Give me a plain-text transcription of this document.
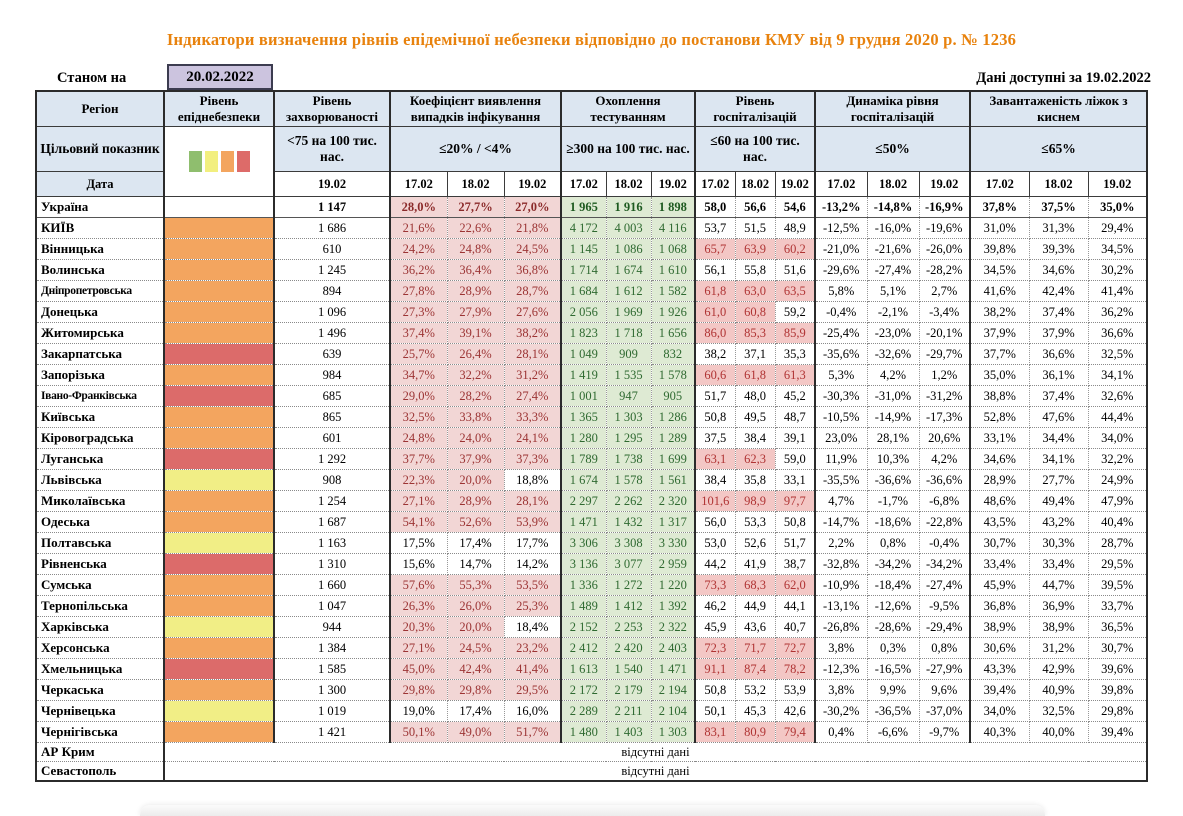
Індикатори визначення рівнів епідемічної небезпеки відповідно до постанови КМУ від 9 грудня 2020 р. № 1236
Станом на	20.02.2022	Дані доступні за 19.02.2022
Регіон	Рівень епіднебезпеки	Рівень захворюваності	Коефіцієнт виявлення випадків інфікування			Охоплення тестуванням			Рівень госпіталізацій			Динаміка рівня госпіталізацій			Завантаженість ліжок з киснем		
Цільовий показник		<75 на 100 тис. нас.	≤20% / <4%			≥300 на 100 тис. нас.			≤60 на 100 тис. нас.			≤50%			≤65%		
Дата		19.02	17.02	18.02	19.02	17.02	18.02	19.02	17.02	18.02	19.02	17.02	18.02	19.02	17.02	18.02	19.02
Україна		1 147	28,0%	27,7%	27,0%	1 965	1 916	1 898	58,0	56,6	54,6	-13,2%	-14,8%	-16,9%	37,8%	37,5%	35,0%
КИЇВ		1 686	21,6%	22,6%	21,8%	4 172	4 003	4 116	53,7	51,5	48,9	-12,5%	-16,0%	-19,6%	31,0%	31,3%	29,4%
Вінницька		610	24,2%	24,8%	24,5%	1 145	1 086	1 068	65,7	63,9	60,2	-21,0%	-21,6%	-26,0%	39,8%	39,3%	34,5%
Волинська		1 245	36,2%	36,4%	36,8%	1 714	1 674	1 610	56,1	55,8	51,6	-29,6%	-27,4%	-28,2%	34,5%	34,6%	30,2%
Дніпропетровська		894	27,8%	28,9%	28,7%	1 684	1 612	1 582	61,8	63,0	63,5	5,8%	5,1%	2,7%	41,6%	42,4%	41,4%
Донецька		1 096	27,3%	27,9%	27,6%	2 056	1 969	1 926	61,0	60,8	59,2	-0,4%	-2,1%	-3,4%	38,2%	37,4%	36,2%
Житомирська		1 496	37,4%	39,1%	38,2%	1 823	1 718	1 656	86,0	85,3	85,9	-25,4%	-23,0%	-20,1%	37,9%	37,9%	36,6%
Закарпатська		639	25,7%	26,4%	28,1%	1 049	909	832	38,2	37,1	35,3	-35,6%	-32,6%	-29,7%	37,7%	36,6%	32,5%
Запорізька		984	34,7%	32,2%	31,2%	1 419	1 535	1 578	60,6	61,8	61,3	5,3%	4,2%	1,2%	35,0%	36,1%	34,1%
Івано-Франківська		685	29,0%	28,2%	27,4%	1 001	947	905	51,7	48,0	45,2	-30,3%	-31,0%	-31,2%	38,8%	37,4%	32,6%
Київська		865	32,5%	33,8%	33,3%	1 365	1 303	1 286	50,8	49,5	48,7	-10,5%	-14,9%	-17,3%	52,8%	47,6%	44,4%
Кіровоградська		601	24,8%	24,0%	24,1%	1 280	1 295	1 289	37,5	38,4	39,1	23,0%	28,1%	20,6%	33,1%	34,4%	34,0%
Луганська		1 292	37,7%	37,9%	37,3%	1 789	1 738	1 699	63,1	62,3	59,0	11,9%	10,3%	4,2%	34,6%	34,1%	32,2%
Львівська		908	22,3%	20,0%	18,8%	1 674	1 578	1 561	38,4	35,8	33,1	-35,5%	-36,6%	-36,6%	28,9%	27,7%	24,9%
Миколаївська		1 254	27,1%	28,9%	28,1%	2 297	2 262	2 320	101,6	98,9	97,7	4,7%	-1,7%	-6,8%	48,6%	49,4%	47,9%
Одеська		1 687	54,1%	52,6%	53,9%	1 471	1 432	1 317	56,0	53,3	50,8	-14,7%	-18,6%	-22,8%	43,5%	43,2%	40,4%
Полтавська		1 163	17,5%	17,4%	17,7%	3 306	3 308	3 330	53,0	52,6	51,7	2,2%	0,8%	-0,4%	30,7%	30,3%	28,7%
Рівненська		1 310	15,6%	14,7%	14,2%	3 136	3 077	2 959	44,2	41,9	38,7	-32,8%	-34,2%	-34,2%	33,4%	33,4%	29,5%
Сумська		1 660	57,6%	55,3%	53,5%	1 336	1 272	1 220	73,3	68,3	62,0	-10,9%	-18,4%	-27,4%	45,9%	44,7%	39,5%
Тернопільська		1 047	26,3%	26,0%	25,3%	1 489	1 412	1 392	46,2	44,9	44,1	-13,1%	-12,6%	-9,5%	36,8%	36,9%	33,7%
Харківська		944	20,3%	20,0%	18,4%	2 152	2 253	2 322	45,9	43,6	40,7	-26,8%	-28,6%	-29,4%	38,9%	38,9%	36,5%
Херсонська		1 384	27,1%	24,5%	23,2%	2 412	2 420	2 403	72,3	71,7	72,7	3,8%	0,3%	0,8%	30,6%	31,2%	30,7%
Хмельницька		1 585	45,0%	42,4%	41,4%	1 613	1 540	1 471	91,1	87,4	78,2	-12,3%	-16,5%	-27,9%	43,3%	42,9%	39,6%
Черкаська		1 300	29,8%	29,8%	29,5%	2 172	2 179	2 194	50,8	53,2	53,9	3,8%	9,9%	9,6%	39,4%	40,9%	39,8%
Чернівецька		1 019	19,0%	17,4%	16,0%	2 289	2 211	2 104	50,1	45,3	42,6	-30,2%	-36,5%	-37,0%	34,0%	32,5%	29,8%
Чернігівська		1 421	50,1%	49,0%	51,7%	1 480	1 403	1 303	83,1	80,9	79,4	0,4%	-6,6%	-9,7%	40,3%	40,0%	39,4%
АР Крим	відсутні дані																
Севастополь	відсутні дані																
